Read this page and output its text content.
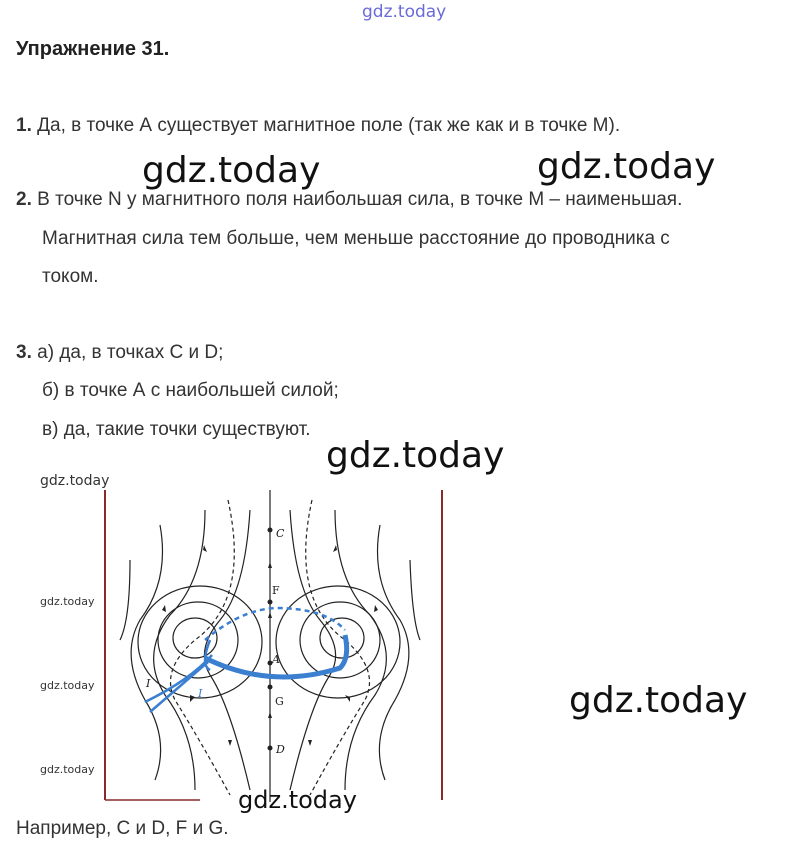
gdz.today
Упражнение 31.
1. Да, в точке А существует магнитное поле (так же как и в точке М).
gdz.today	gdz.today
2. В точке N у магнитного поля наибольшая сила, в точке М – наименьшая.
Магнитная сила тем больше, чем меньше расстояние до проводника с
током.
3. а) да, в точках С и D;
б) в точке А с наибольшей силой;
в) да, такие точки существуют.
gdz.today
gdz.today
gdz.today
gdz.today
gdz.today
C
F
A
G
D
I
I	gdz.today
gdz.today
Например, С и D, F и G.
